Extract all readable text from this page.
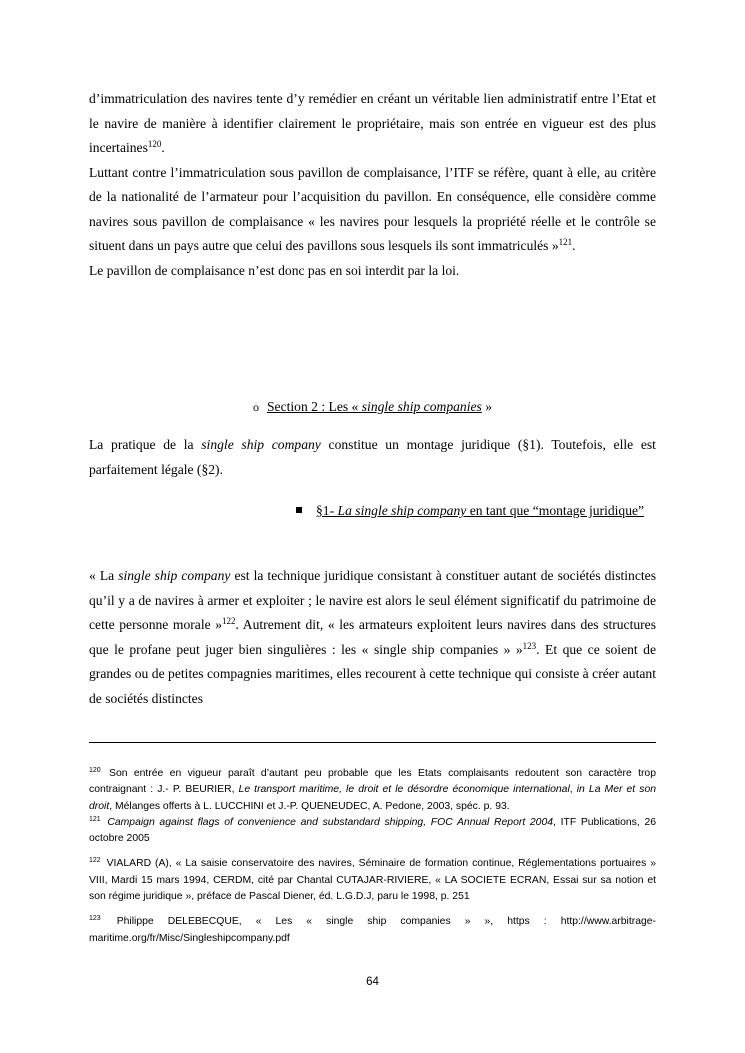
d’immatriculation des navires tente d’y remédier en créant un véritable lien administratif entre l’Etat et le navire de manière à identifier clairement le propriétaire, mais son entrée en vigueur est des plus incertaines$^{120}$.

Luttant contre l’immatriculation sous pavillon de complaisance, l’ITF se réfère, quant à elle, au critère de la nationalité de l’armateur pour l’acquisition du pavillon. En conséquence, elle considère comme navires sous pavillon de complaisance « les navires pour lesquels la propriété réelle et le contrôle se situent dans un pays autre que celui des pavillons sous lesquels ils sont immatriculés »$^{121}$.

Le pavillon de complaisance n’est donc pas en soi interdit par la loi.

o Section 2 : Les « single ship companies »

La pratique de la single ship company constitue un montage juridique (§1). Toutefois, elle est parfaitement légale (§2).

§1- La single ship company en tant que “montage juridique”

« La single ship company est la technique juridique consistant à constituer autant de sociétés distinctes qu’il y a de navires à armer et exploiter ; le navire est alors le seul élément significatif du patrimoine de cette personne morale »$^{122}$. Autrement dit, « les armateurs exploitent leurs navires dans des structures que le profane peut juger bien singulières : les « single ship companies » »$^{123}$. Et que ce soient de grandes ou de petites compagnies maritimes, elles recourent à cette technique qui consiste à créer autant de sociétés distinctes

$^{120}$ Son entrée en vigueur paraît d’autant peu probable que les Etats complaisants redoutent son caractère trop contraignant : J.- P. BEURIER, Le transport maritime, le droit et le désordre économique international, in La Mer et son droit, Mélanges offerts à L. LUCCHINI et J.-P. QUENEUDEC, A. Pedone, 2003, spéc. p. 93.

$^{121}$ Campaign against flags of convenience and substandard shipping, FOC Annual Report 2004, ITF Publications, 26 octobre 2005

$^{122}$ VIALARD (A), « La saisie conservatoire des navires, Séminaire de formation continue, Réglementations portuaires » VIII, Mardi 15 mars 1994, CERDM, cité par Chantal CUTAJAR-RIVIERE, « LA SOCIETE ECRAN, Essai sur sa notion et son régime juridique », préface de Pascal Diener, éd. L.G.D.J, paru le 1998, p. 251

$^{123}$ Philippe DELEBECQUE, « Les « single ship companies » », https : http://www.arbitrage-

maritime.org/fr/Misc/Singleshipcompany.pdf

64
